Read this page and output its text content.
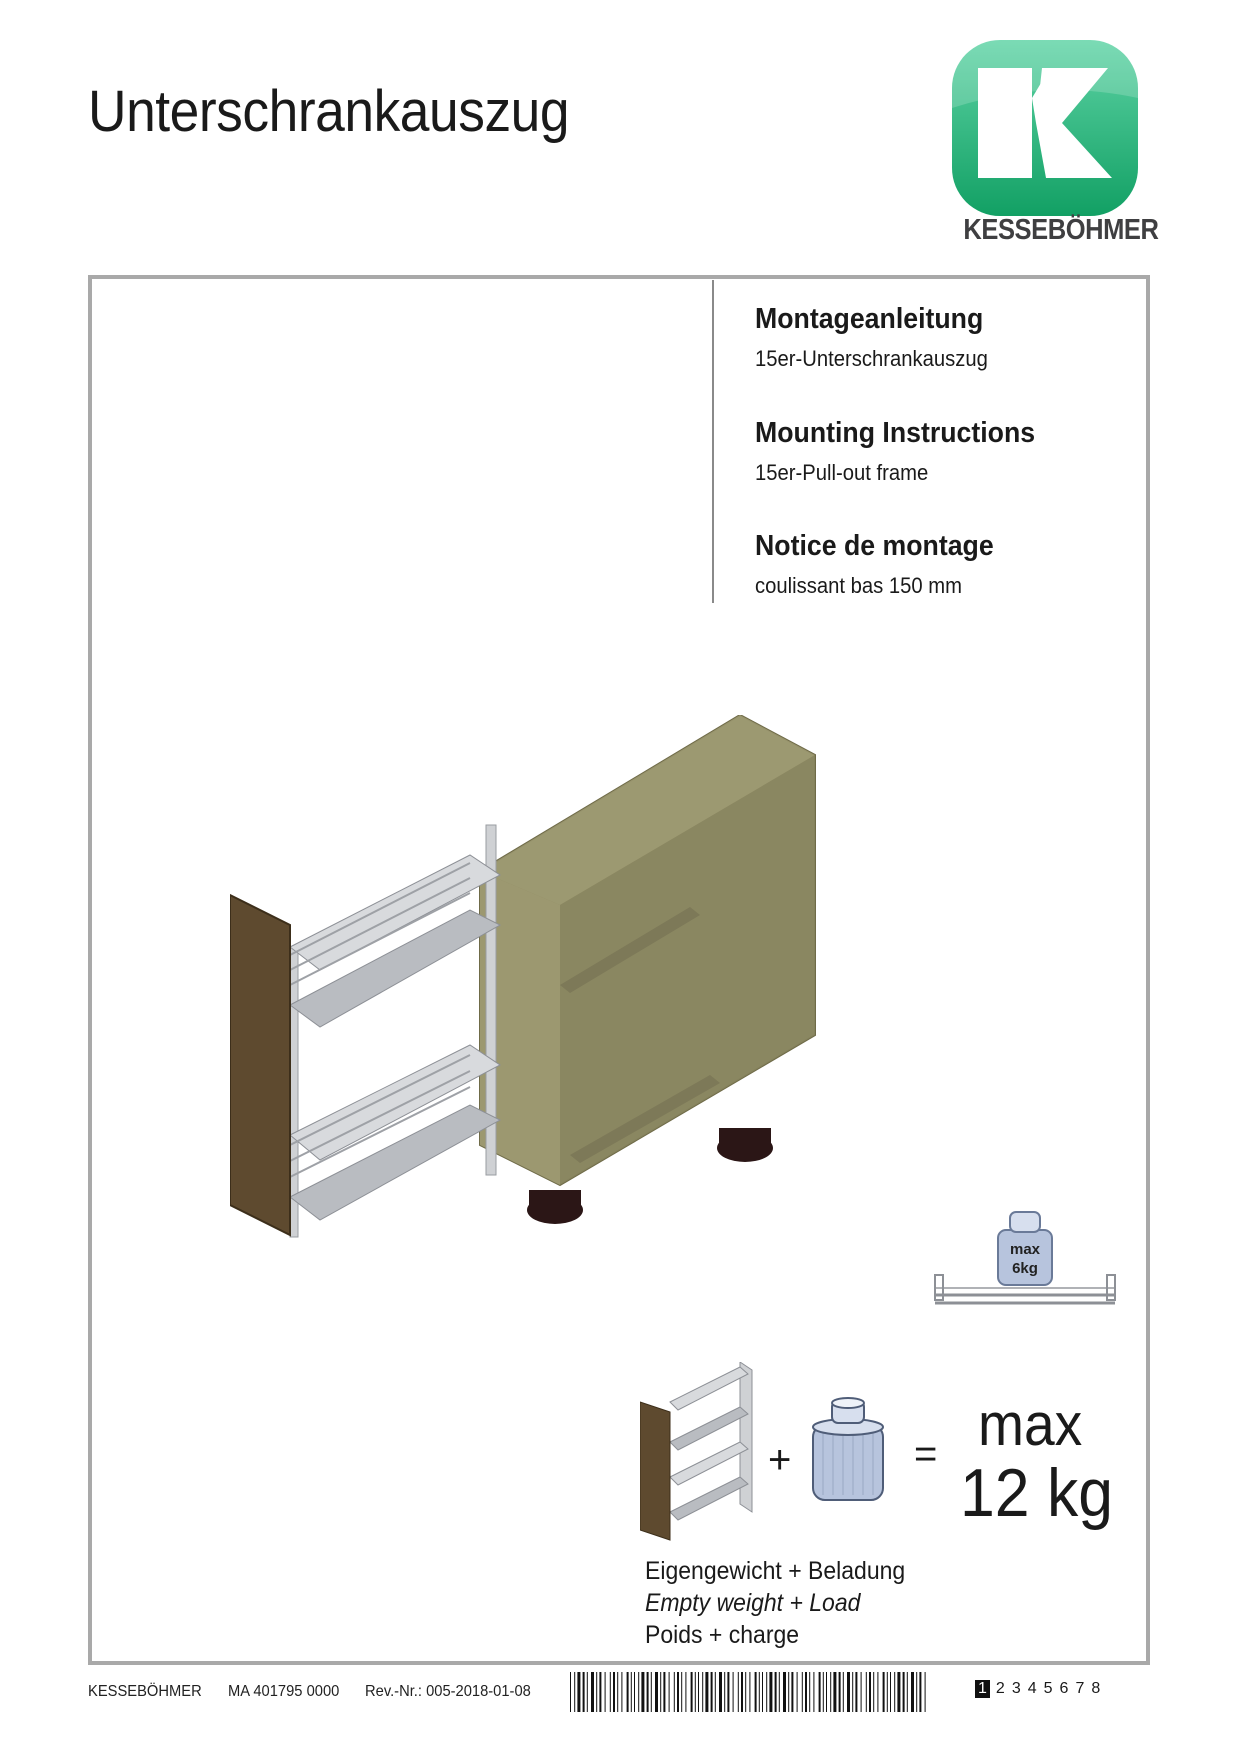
Unterschrankauszug
KESSEBÖHMER
Montageanleitung
15er-Unterschrankauszug
Mounting Instructions
15er-Pull-out frame
Notice de montage
coulissant bas 150 mm
max
6kg
+	= max
12 kg
Eigengewicht + Beladung
Empty weight + Load
Poids + charge
KESSEBÖHMER MA 401795 0000 Rev.-Nr.: 005-2018-01-08	1 2 3 4 5 6 7 8
